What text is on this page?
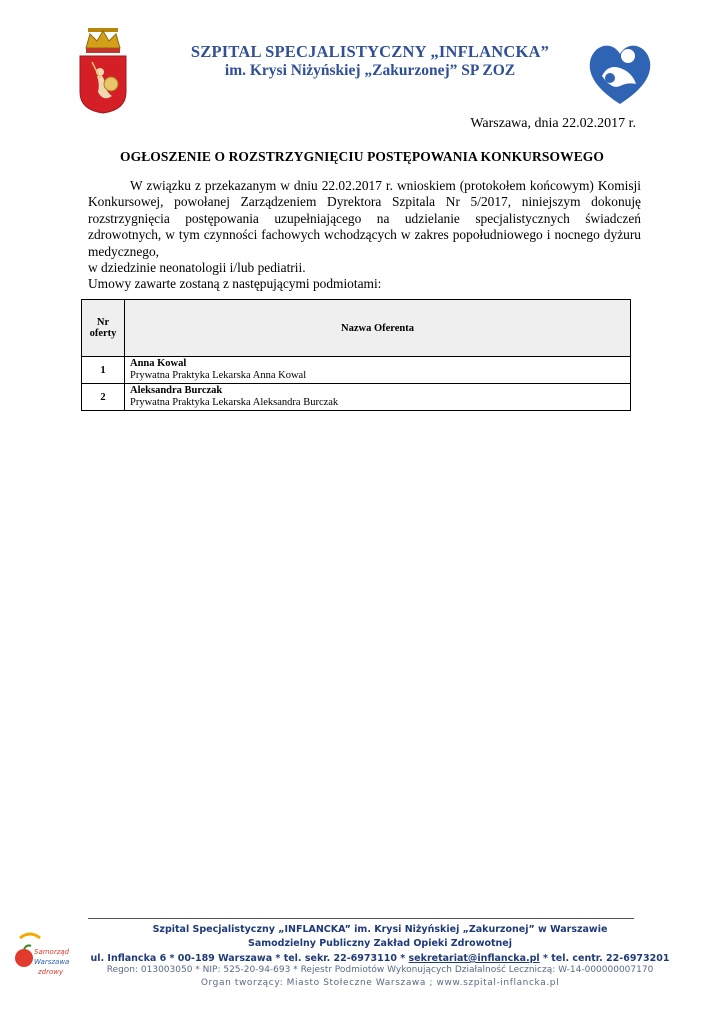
SZPITAL SPECJALISTYCZNY „INFLANCKA”
im. Krysi Niżyńskiej „Zakurzonej” SP ZOZ
Warszawa, dnia 22.02.2017 r.
OGŁOSZENIE O ROZSTRZYGNIĘCIU POSTĘPOWANIA KONKURSOWEGO

W związku z przekazanym w dniu 22.02.2017 r. wnioskiem (protokołem końcowym) Komisji Konkursowej, powołanej Zarządzeniem Dyrektora Szpitala Nr 5/2017, niniejszym dokonuję rozstrzygnięcia postępowania uzupełniającego na udzielanie specjalistycznych świadczeń zdrowotnych, w tym czynności fachowych wchodzących w zakres popołudniowego i nocnego dyżuru medycznego,

w dziedzinie neonatologii i/lub pediatrii.

Umowy zawarte zostaną z następującymi podmiotami:

Nr
oferty	Nazwa Oferenta
1	Anna Kowal
Prywatna Praktyka Lekarska Anna Kowal

2	Aleksandra Burczak
Prywatna Praktyka Lekarska Aleksandra Burczak
Samorząd
Warszawa
zdrowy
Szpital Specjalistyczny „INFLANCKA” im. Krysi Niżyńskiej „Zakurzonej” w Warszawie
Samodzielny Publiczny Zakład Opieki Zdrowotnej
ul. Inflancka 6 * 00-189 Warszawa * tel. sekr. 22-6973110 * sekretariat@inflancka.pl * tel. centr. 22-6973201
Regon: 013003050 * NIP: 525-20-94-693 * Rejestr Podmiotów Wykonujących Działalność Leczniczą: W-14-000000007170
Organ tworzący: Miasto Stołeczne Warszawa ; www.szpital-inflancka.pl
